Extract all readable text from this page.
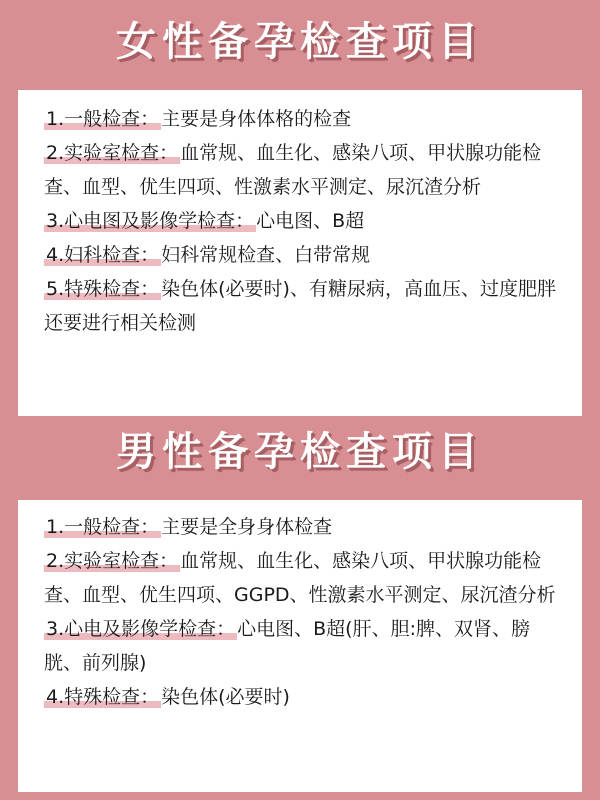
女性备孕检查项目

1.一般检查： 主要是身体体格的检查

2.实验室检查： 血常规、血生化、感染八项、甲状腺功能检查、血型、优生四项、性激素水平测定、尿沉渣分析

3.心电图及影像学检查： 心电图、B超

4.妇科检查： 妇科常规检查、白带常规

5.特殊检查： 染色体(必要时)、有糖尿病，高血压、过度肥胖还要进行相关检测

男性备孕检查项目

1.一般检查： 主要是全身身体检查

2.实验室检查： 血常规、血生化、感染八项、甲状腺功能检查、血型、优生四项、GGPD、性激素水平测定、尿沉渣分析

3.心电及影像学检查： 心电图、B超(肝、胆:脾、双肾、膀胱、前列腺)

4.特殊检查： 染色体(必要时)
